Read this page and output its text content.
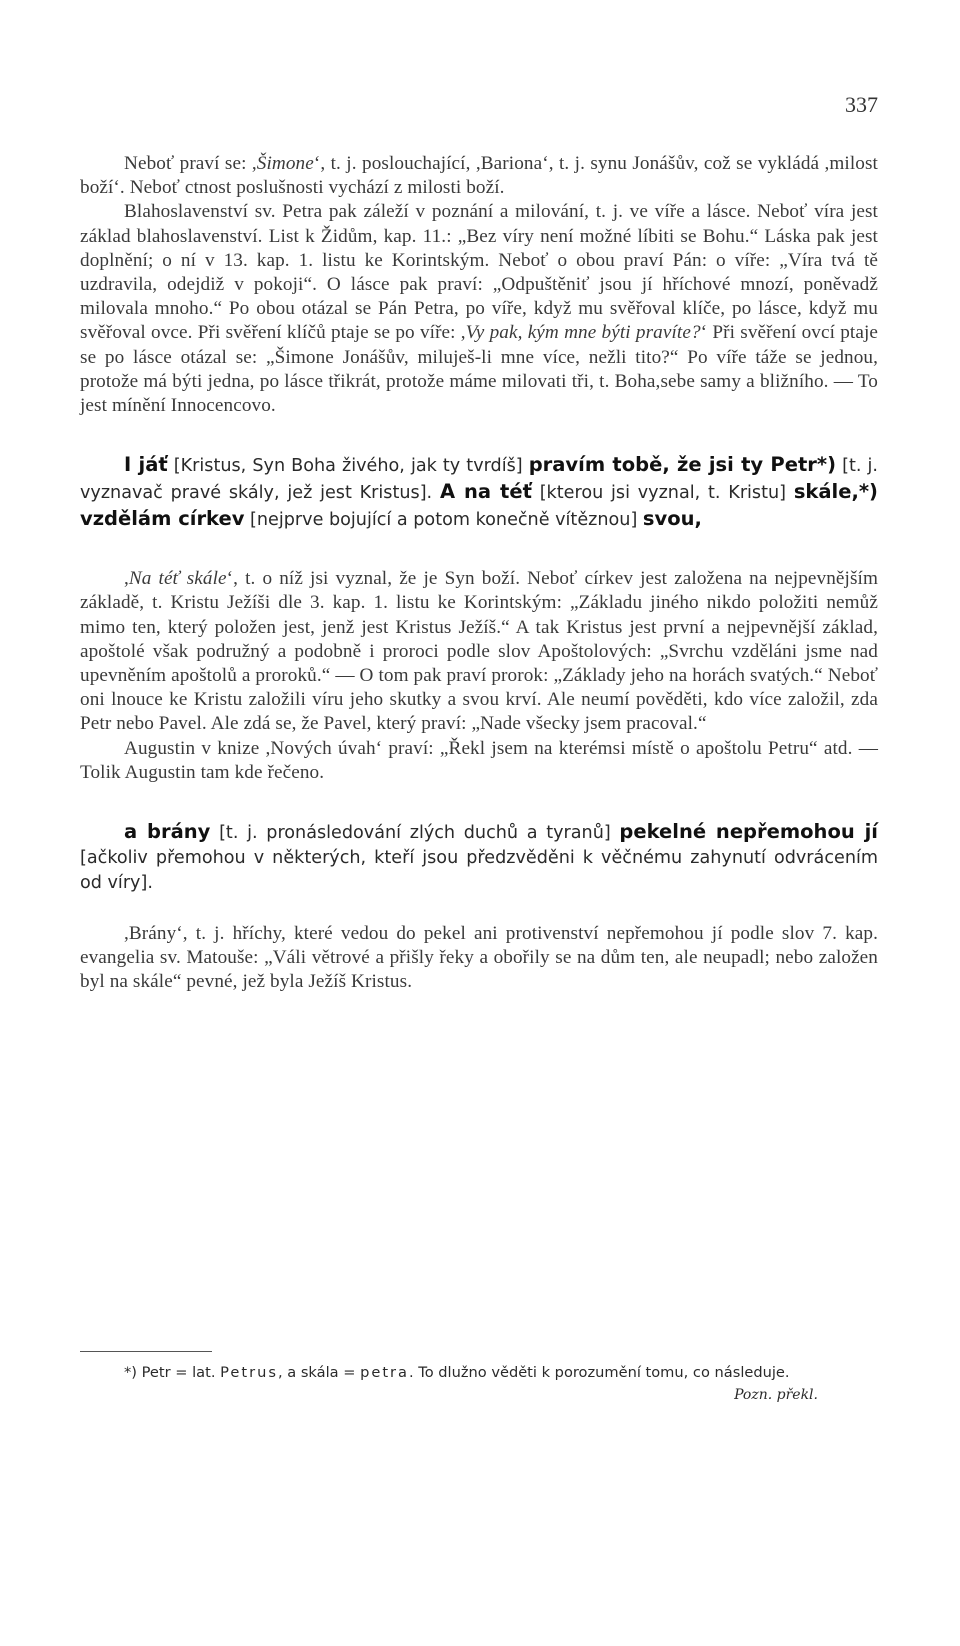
337

Neboť praví se: ,Šimone‘, t. j. poslouchající, ,Bariona‘, t. j. synu Jonášův, což se vykládá ,milost boží‘. Neboť ctnost poslušnosti vychází z milosti boží.

Blahoslavenství sv. Petra pak záleží v poznání a milování, t. j. ve víře a lásce. Neboť víra jest základ blahoslavenství. List k Židům, kap. 11.: „Bez víry není možné líbiti se Bohu.“ Láska pak jest doplnění; o ní v 13. kap. 1. listu ke Korintským. Neboť o obou praví Pán: o víře: „Víra tvá tě uzdravila, odejdiž v pokoji“. O lásce pak praví: „Odpuštěniť jsou jí hříchové mnozí, poněvadž milovala mnoho.“ Po obou otázal se Pán Petra, po víře, když mu svěřoval klíče, po lásce, když mu svěřoval ovce. Při svěření klíčů ptaje se po víře: ,Vy pak, kým mne býti pravíte?‘ Při svěření ovcí ptaje se po lásce otázal se: „Šimone Jonášův, miluješ-li mne více, nežli tito?“ Po víře táže se jednou, protože má býti jedna, po lásce třikrát, protože máme milovati tři, t. Boha,sebe samy a bližního. — To jest mínění Innocencovo.

I jáť [Kristus, Syn Boha živého, jak ty tvrdíš] pravím tobě, že jsi ty Petr*) [t. j. vyznavač pravé skály, jež jest Kristus]. A na téť [kterou jsi vyznal, t. Kristu] skále,*) vzdělám církev [nejprve bojující a potom konečně vítěznou] svou,

,Na téť skále‘, t. o níž jsi vyznal, že je Syn boží. Neboť církev jest založena na nejpevnějším základě, t. Kristu Ježíši dle 3. kap. 1. listu ke Korintským: „Základu jiného nikdo položiti nemůž mimo ten, který položen jest, jenž jest Kristus Ježíš.“ A tak Kristus jest první a nejpevnější základ, apoštolé však podružný a podobně i proroci podle slov Apoštolových: „Svrchu vzděláni jsme nad upevněním apoštolů a proroků.“ — O tom pak praví prorok: „Základy jeho na horách svatých.“ Neboť oni lnouce ke Kristu založili víru jeho skutky a svou krví. Ale neumí pověděti, kdo více založil, zda Petr nebo Pavel. Ale zdá se, že Pavel, který praví: „Nade všecky jsem pracoval.“

Augustin v knize ,Nových úvah‘ praví: „Řekl jsem na kterémsi místě o apoštolu Petru“ atd. — Tolik Augustin tam kde řečeno.

a brány [t. j. pronásledování zlých duchů a tyranů] pekelné nepřemohou jí [ačkoliv přemohou v některých, kteří jsou předzvěděni k věčnému zahynutí odvrácením od víry].

,Brány‘, t. j. hříchy, které vedou do pekel ani protivenství nepřemohou jí podle slov 7. kap. evangelia sv. Matouše: „Váli větrové a přišly řeky a obořily se na dům ten, ale neupadl; nebo založen byl na skále“ pevné, jež byla Ježíš Kristus.

*) Petr = lat. Petrus, a skála = petra. To dlužno věděti k porozumění tomu, co následuje.
Pozn. překl.
